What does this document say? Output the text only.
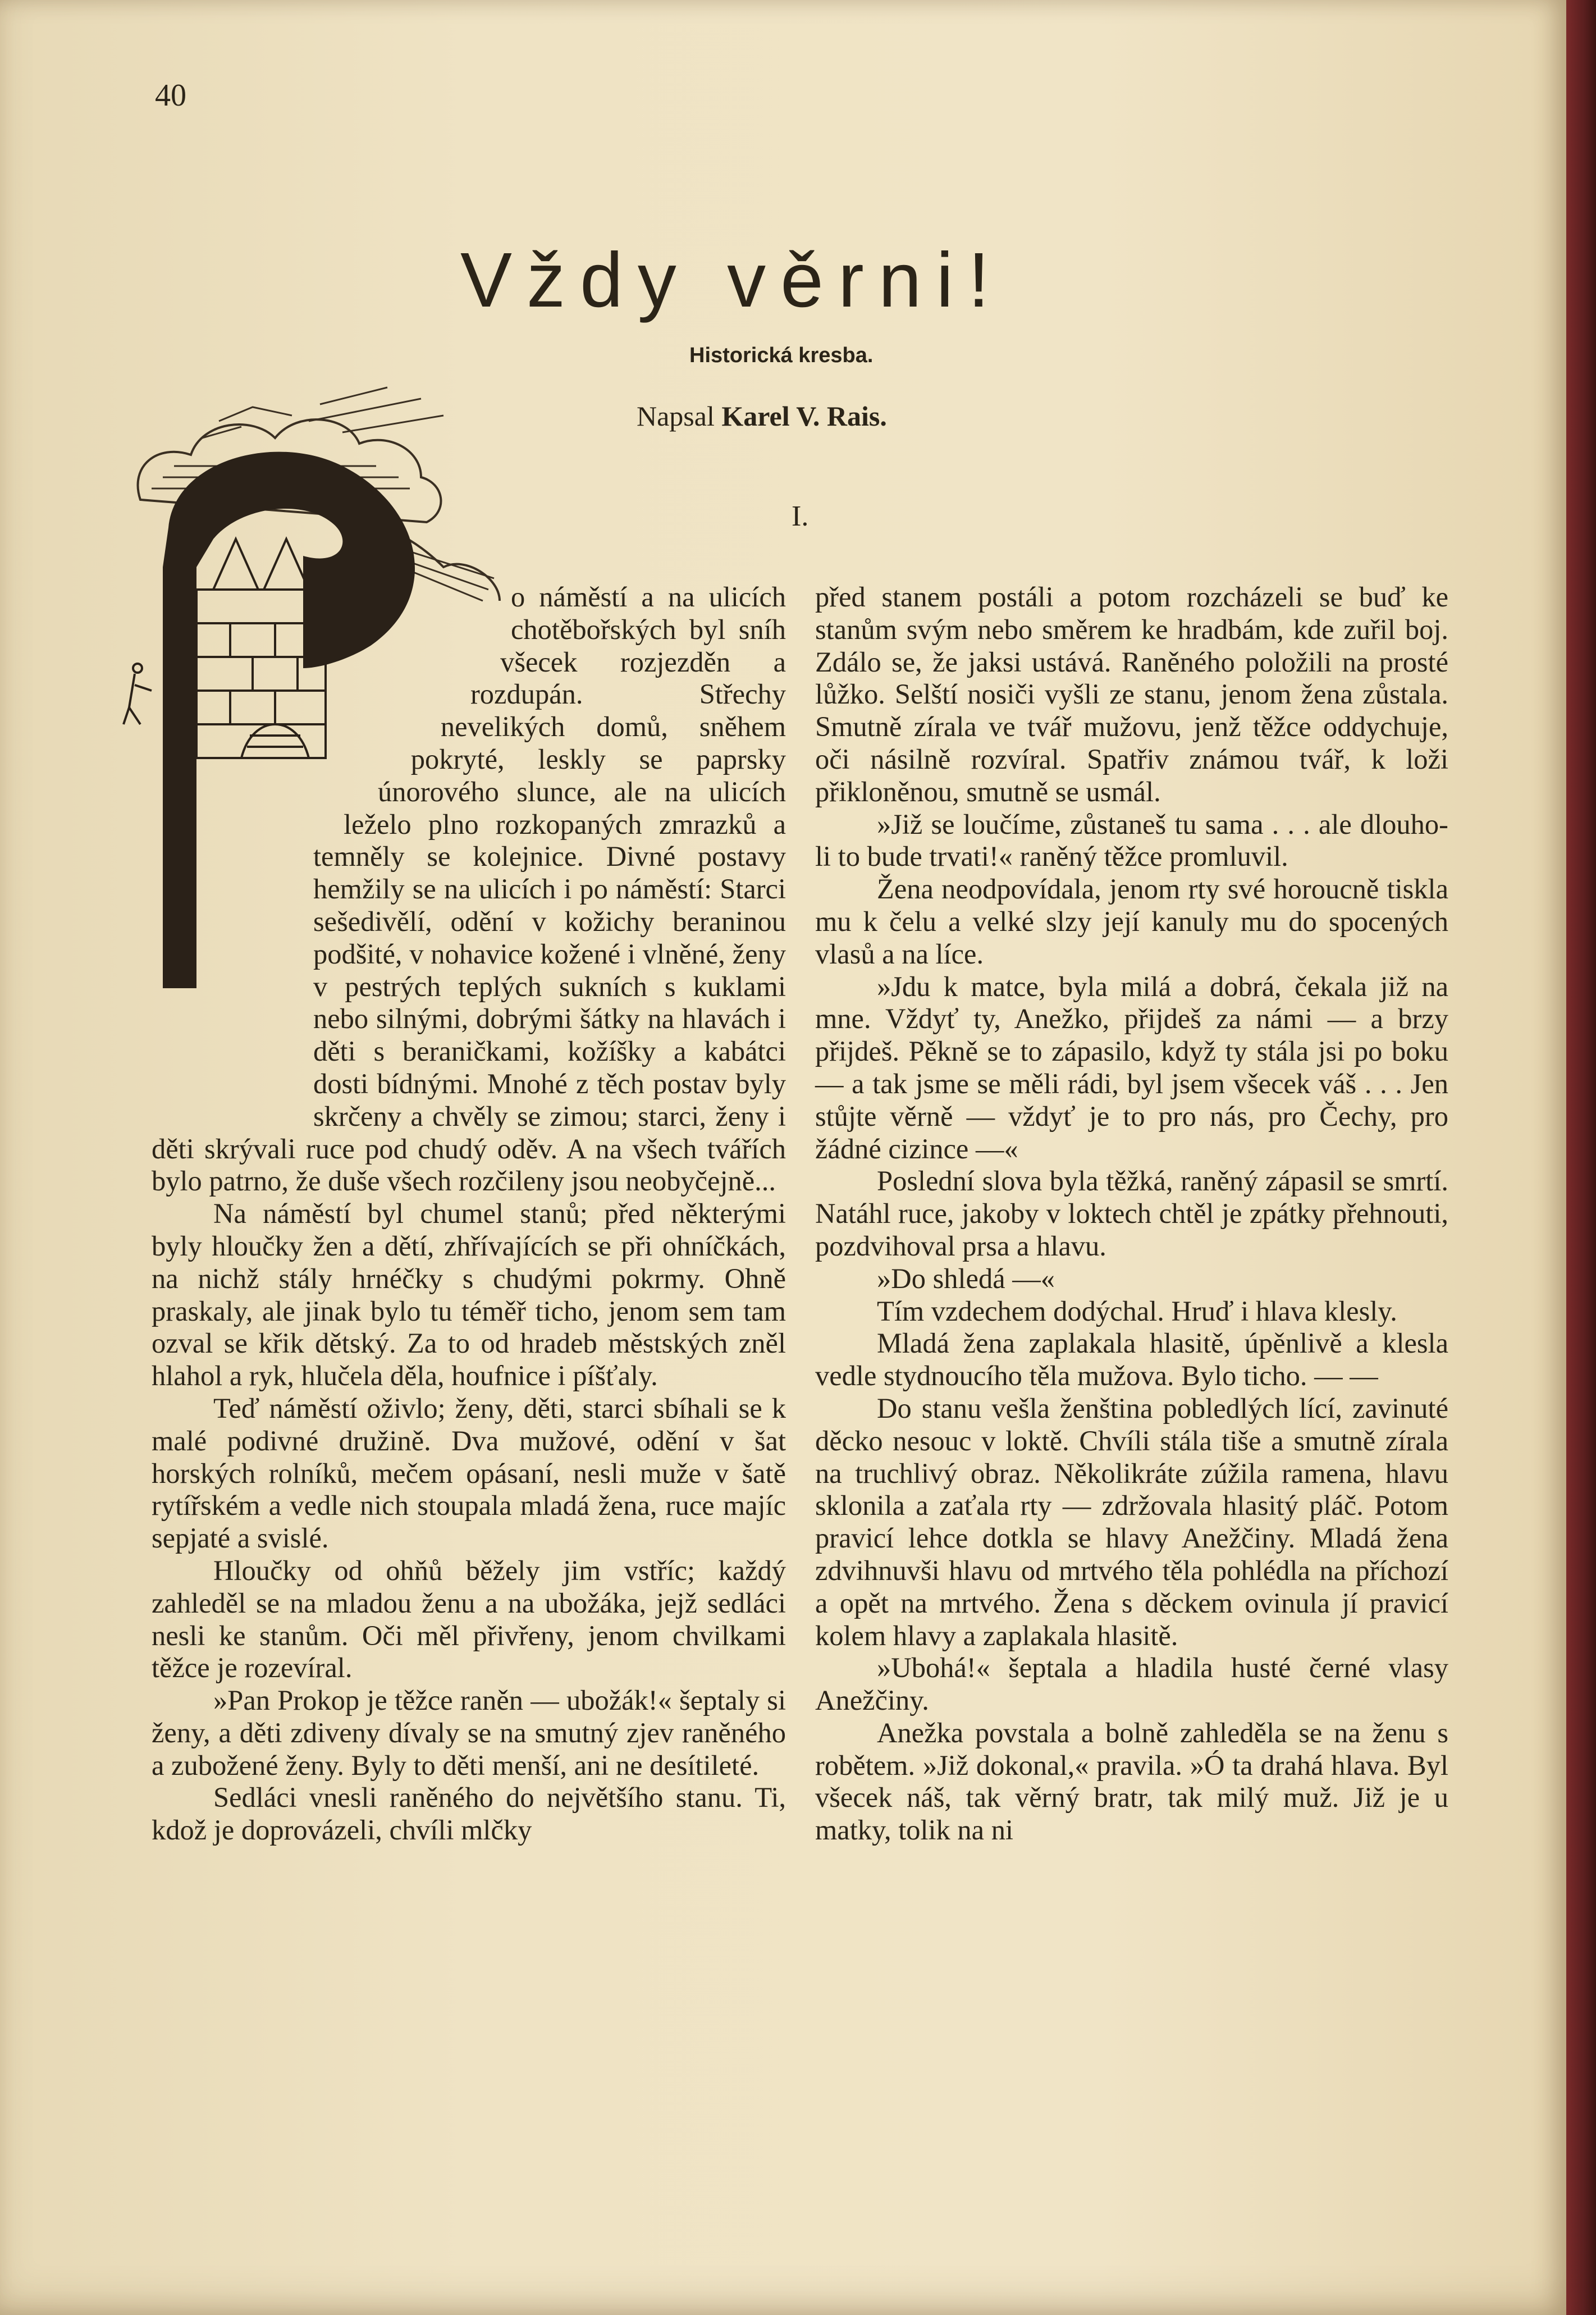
40
Vždy věrni!
Historická kresba.
Napsal Karel V. Rais.
I.

o náměstí a na ulicích chotěbořských byl sníh všecek rozjezděn a rozdupán. Střechy nevelikých domů, sněhem pokryté, leskly se paprsky únorového slunce, ale na ulicích leželo plno rozkopaných zmrazků a temněly se kolejnice. Divné postavy hemžily se na ulicích i po náměstí: Starci sešedivělí, odění v kožichy beraninou podšité, v nohavice kožené i vlněné, ženy v pestrých teplých sukních s kuklami nebo silnými, dobrými šátky na hlavách i děti s beraničkami, kožíšky a kabátci dosti bídnými. Mnohé z těch postav byly skrčeny a chvěly se zimou; starci, ženy i děti skrývali ruce pod chudý oděv. A na všech tvářích bylo patrno, že duše všech rozčileny jsou neobyčejně...

Na náměstí byl chumel stanů; před některými byly hloučky žen a dětí, zhřívajících se při ohníčkách, na nichž stály hrnéčky s chudými pokrmy. Ohně praskaly, ale jinak bylo tu téměř ticho, jenom sem tam ozval se křik dětský. Za to od hradeb městských zněl hlahol a ryk, hlučela děla, houfnice i píšťaly.

Teď náměstí oživlo; ženy, děti, starci sbíhali se k malé podivné družině. Dva mužové, odění v šat horských rolníků, mečem opásaní, nesli muže v šatě rytířském a vedle nich stoupala mladá žena, ruce majíc sepjaté a svislé.

Hloučky od ohňů běžely jim vstříc; každý zahleděl se na mladou ženu a na ubožáka, jejž sedláci nesli ke stanům. Oči měl přivřeny, jenom chvilkami těžce je rozevíral.

»Pan Prokop je těžce raněn — ubožák!« šeptaly si ženy, a děti zdiveny dívaly se na smutný zjev raněného a zubožené ženy. Byly to děti menší, ani ne desítileté.

Sedláci vnesli raněného do největšího stanu. Ti, kdož je doprovázeli, chvíli mlčky

před stanem postáli a potom rozcházeli se buď ke stanům svým nebo směrem ke hradbám, kde zuřil boj. Zdálo se, že jaksi ustává. Raněného položili na prosté lůžko. Selští nosiči vyšli ze stanu, jenom žena zůstala. Smutně zírala ve tvář mužovu, jenž těžce oddychuje, oči násilně rozvíral. Spatřiv známou tvář, k loži přikloněnou, smutně se usmál.

»Již se loučíme, zůstaneš tu sama . . . ale dlouho-li to bude trvati!« raněný těžce promluvil.

Žena neodpovídala, jenom rty své horoucně tiskla mu k čelu a velké slzy její kanuly mu do spocených vlasů a na líce.

»Jdu k matce, byla milá a dobrá, čekala již na mne. Vždyť ty, Anežko, přijdeš za námi — a brzy přijdeš. Pěkně se to zápasilo, když ty stála jsi po boku — a tak jsme se měli rádi, byl jsem všecek váš . . . Jen stůjte věrně — vždyť je to pro nás, pro Čechy, pro žádné cizince —«

Poslední slova byla těžká, raněný zápasil se smrtí. Natáhl ruce, jakoby v loktech chtěl je zpátky přehnouti, pozdvihoval prsa a hlavu.

»Do shledá —«

Tím vzdechem dodýchal. Hruď i hlava klesly.

Mladá žena zaplakala hlasitě, úpěnlivě a klesla vedle stydnoucího těla mužova. Bylo ticho. — —

Do stanu vešla ženština pobledlých lící, zavinuté děcko nesouc v loktě. Chvíli stála tiše a smutně zírala na truchlivý obraz. Několikráte zúžila ramena, hlavu sklonila a zaťala rty — zdržovala hlasitý pláč. Potom pravicí lehce dotkla se hlavy Anežčiny. Mladá žena zdvihnuvši hlavu od mrtvého těla pohlédla na příchozí a opět na mrtvého. Žena s děckem ovinula jí pravicí kolem hlavy a zaplakala hlasitě.

»Ubohá!« šeptala a hladila husté černé vlasy Anežčiny.

Anežka povstala a bolně zahleděla se na ženu s robětem. »Již dokonal,« pravila. »Ó ta drahá hlava. Byl všecek náš, tak věrný bratr, tak milý muž. Již je u matky, tolik na ni
